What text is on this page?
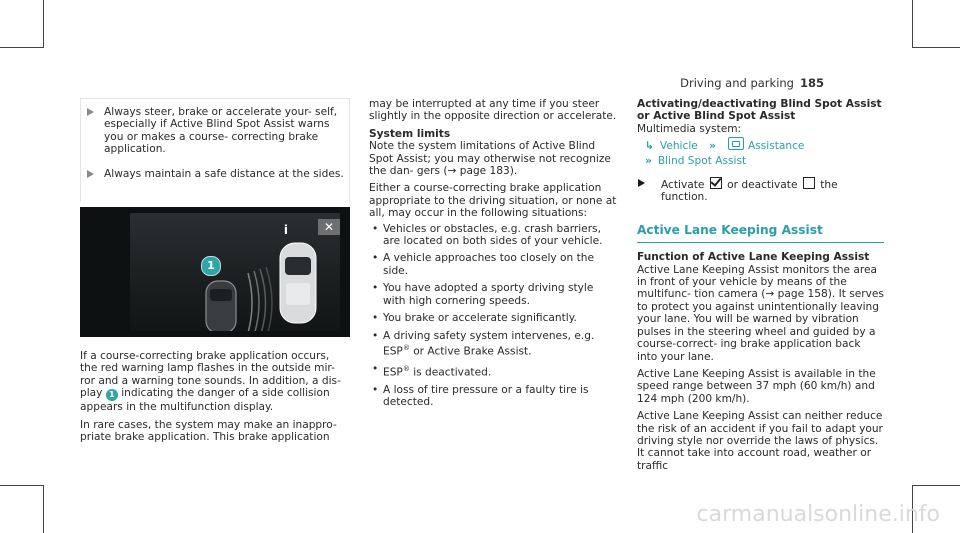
Driving and parking 185
Always steer, brake or accelerate your- self, especially if Active Blind Spot Assist warns you or makes a course- correcting brake application.
Always maintain a safe distance at the sides.
i	✕
1

If a course-correcting brake application occurs, the red warning lamp flashes in the outside mir- ror and a warning tone sounds. In addition, a dis- play 1 indicating the danger of a side collision appears in the multifunction display.

In rare cases, the system may make an inappro- priate brake application. This brake application

may be interrupted at any time if you steer slightly in the opposite direction or accelerate.

System limits

Note the system limitations of Active Blind Spot Assist; you may otherwise not recognize the dan- gers (→ page 183).

Either a course-correcting brake application appropriate to the driving situation, or none at all, may occur in the following situations:

• Vehicles or obstacles, e.g. crash barriers, are located on both sides of your vehicle.
• A vehicle approaches too closely on the side.
• You have adopted a sporty driving style with high cornering speeds.
• You brake or accelerate significantly.
• A driving safety system intervenes, e.g. ESP® or Active Brake Assist.
• ESP® is deactivated.
• A loss of tire pressure or a faulty tire is detected.

Activating/deactivating Blind Spot Assist or Active Blind Spot Assist

Multimedia system:

↳ Vehicle »	Assistance
» Blind Spot Assist
Activate or deactivate the function.
Active Lane Keeping Assist

Function of Active Lane Keeping Assist

Active Lane Keeping Assist monitors the area in front of your vehicle by means of the multifunc- tion camera (→ page 158). It serves to protect you against unintentionally leaving your lane. You will be warned by vibration pulses in the steering wheel and guided by a course-correct- ing brake application back into your lane.

Active Lane Keeping Assist is available in the speed range between 37 mph (60 km/h) and 124 mph (200 km/h).

Active Lane Keeping Assist can neither reduce the risk of an accident if you fail to adapt your driving style nor override the laws of physics. It cannot take into account road, weather or traffic

carmanualsonline.info
